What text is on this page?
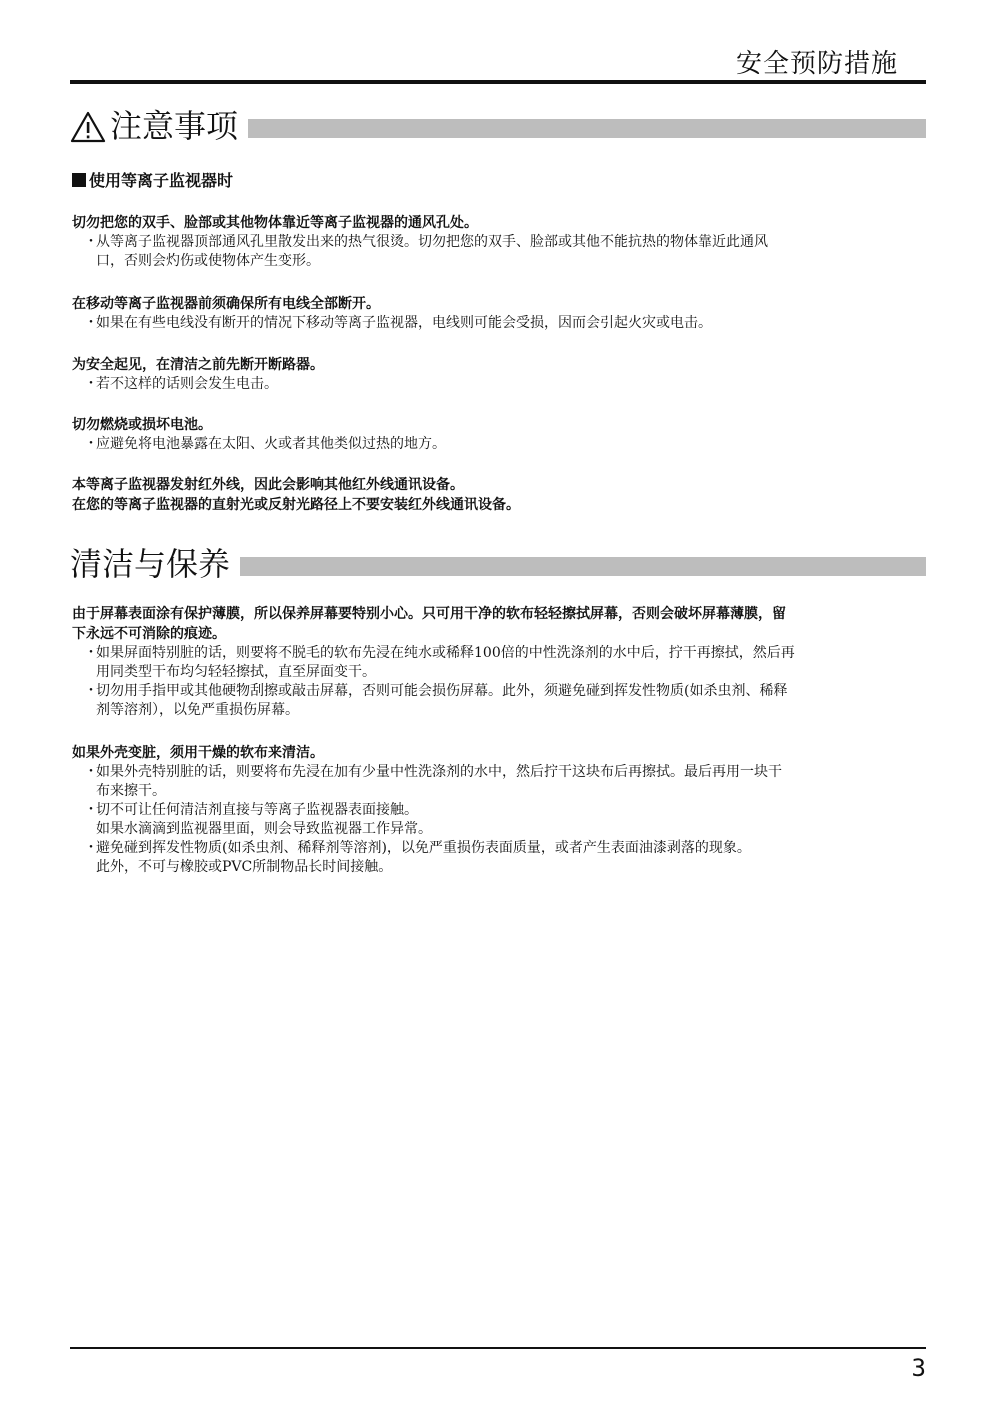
安全预防措施
注意事项
使用等离子监视器时
切勿把您的双手、脸部或其他物体靠近等离子监视器的通风孔处。
・从等离子监视器顶部通风孔里散发出来的热气很烫。切勿把您的双手、脸部或其他不能抗热的物体靠近此通风
口，否则会灼伤或使物体产生变形。
在移动等离子监视器前须确保所有电线全部断开。
・如果在有些电线没有断开的情况下移动等离子监视器，电线则可能会受损，因而会引起火灾或电击。
为安全起见，在清洁之前先断开断路器。
・若不这样的话则会发生电击。
切勿燃烧或损坏电池。
・应避免将电池暴露在太阳、火或者其他类似过热的地方。
本等离子监视器发射红外线，因此会影响其他红外线通讯设备。
在您的等离子监视器的直射光或反射光路径上不要安装红外线通讯设备。
清洁与保养
由于屏幕表面涂有保护薄膜，所以保养屏幕要特别小心。只可用干净的软布轻轻擦拭屏幕，否则会破坏屏幕薄膜，留
下永远不可消除的痕迹。
・如果屏面特别脏的话，则要将不脱毛的软布先浸在纯水或稀释100倍的中性洗涤剂的水中后，拧干再擦拭，然后再
用同类型干布均匀轻轻擦拭，直至屏面变干。
・切勿用手指甲或其他硬物刮擦或敲击屏幕，否则可能会损伤屏幕。此外，须避免碰到挥发性物质(如杀虫剂、稀释
剂等溶剂），以免严重损伤屏幕。
如果外壳变脏，须用干燥的软布来清洁。
・如果外壳特别脏的话，则要将布先浸在加有少量中性洗涤剂的水中，然后拧干这块布后再擦拭。最后再用一块干
布来擦干。
・切不可让任何清洁剂直接与等离子监视器表面接触。
如果水滴滴到监视器里面，则会导致监视器工作异常。
・避免碰到挥发性物质(如杀虫剂、稀释剂等溶剂)，以免严重损伤表面质量，或者产生表面油漆剥落的现象。
此外，不可与橡胶或PVC所制物品长时间接触。
3
